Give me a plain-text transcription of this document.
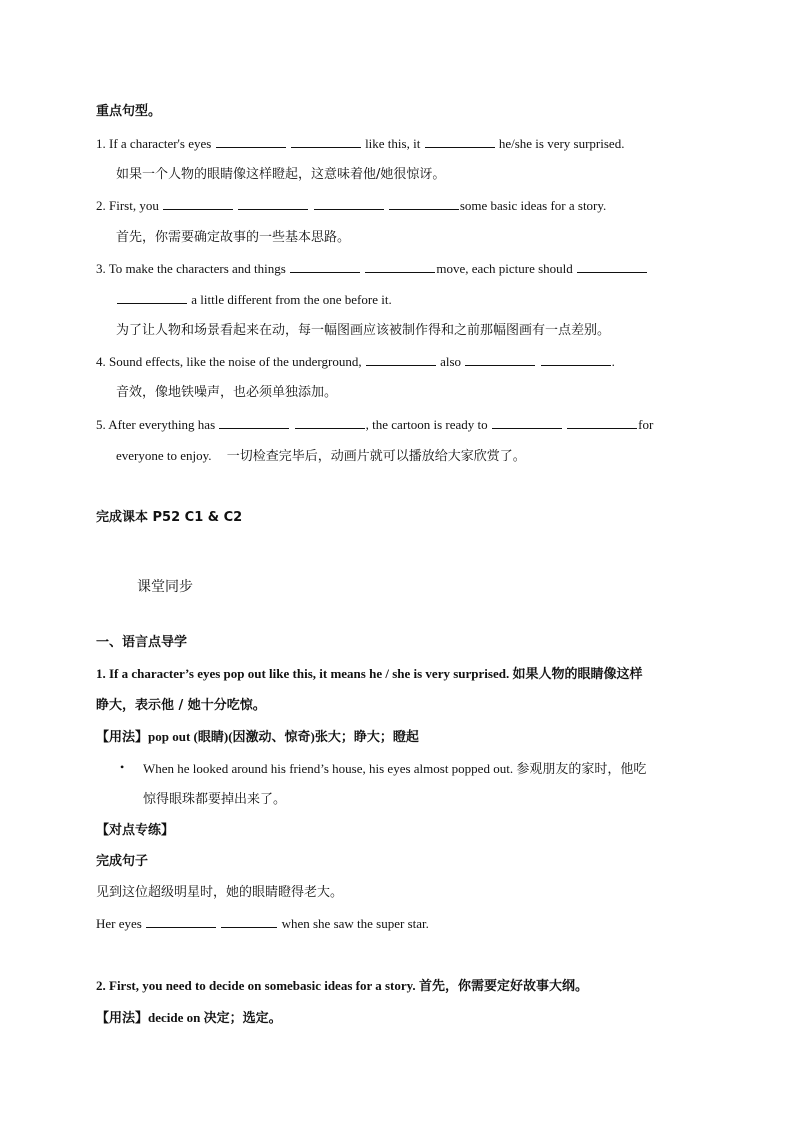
重点句型。
1. If a character's eyes	like this, it	he/she is very surprised.
如果一个人物的眼睛像这样瞪起，这意味着他/她很惊讶。
2. First, you	some basic ideas for a story.
首先，你需要确定故事的一些基本思路。
3. To make the characters and things	move, each picture should
a little different from the one before it.
为了让人物和场景看起来在动，每一幅图画应该被制作得和之前那幅图画有一点差别。
4. Sound effects, like the noise of the underground,	also	.
音效，像地铁噪声，也必须单独添加。
5. After everything has	, the cartoon is ready to	for
everyone to enjoy. 一切检查完毕后，动画片就可以播放给大家欣赏了。
完成课本 P52 C1 & C2
课堂同步
一、语言点导学
1. If a character’s eyes pop out like this, it means he / she is very surprised. 如果人物的眼睛像这样
睁大，表示他 / 她十分吃惊。
【用法】pop out (眼睛)(因激动、惊奇)张大；睁大；瞪起
• When he looked around his friend’s house, his eyes almost popped out. 参观朋友的家时，他吃
惊得眼珠都要掉出来了。
【对点专练】
完成句子
见到这位超级明星时，她的眼睛瞪得老大。
Her eyes	when she saw the super star.
2. First, you need to decide on somebasic ideas for a story. 首先，你需要定好故事大纲。
【用法】decide on 决定；选定。
